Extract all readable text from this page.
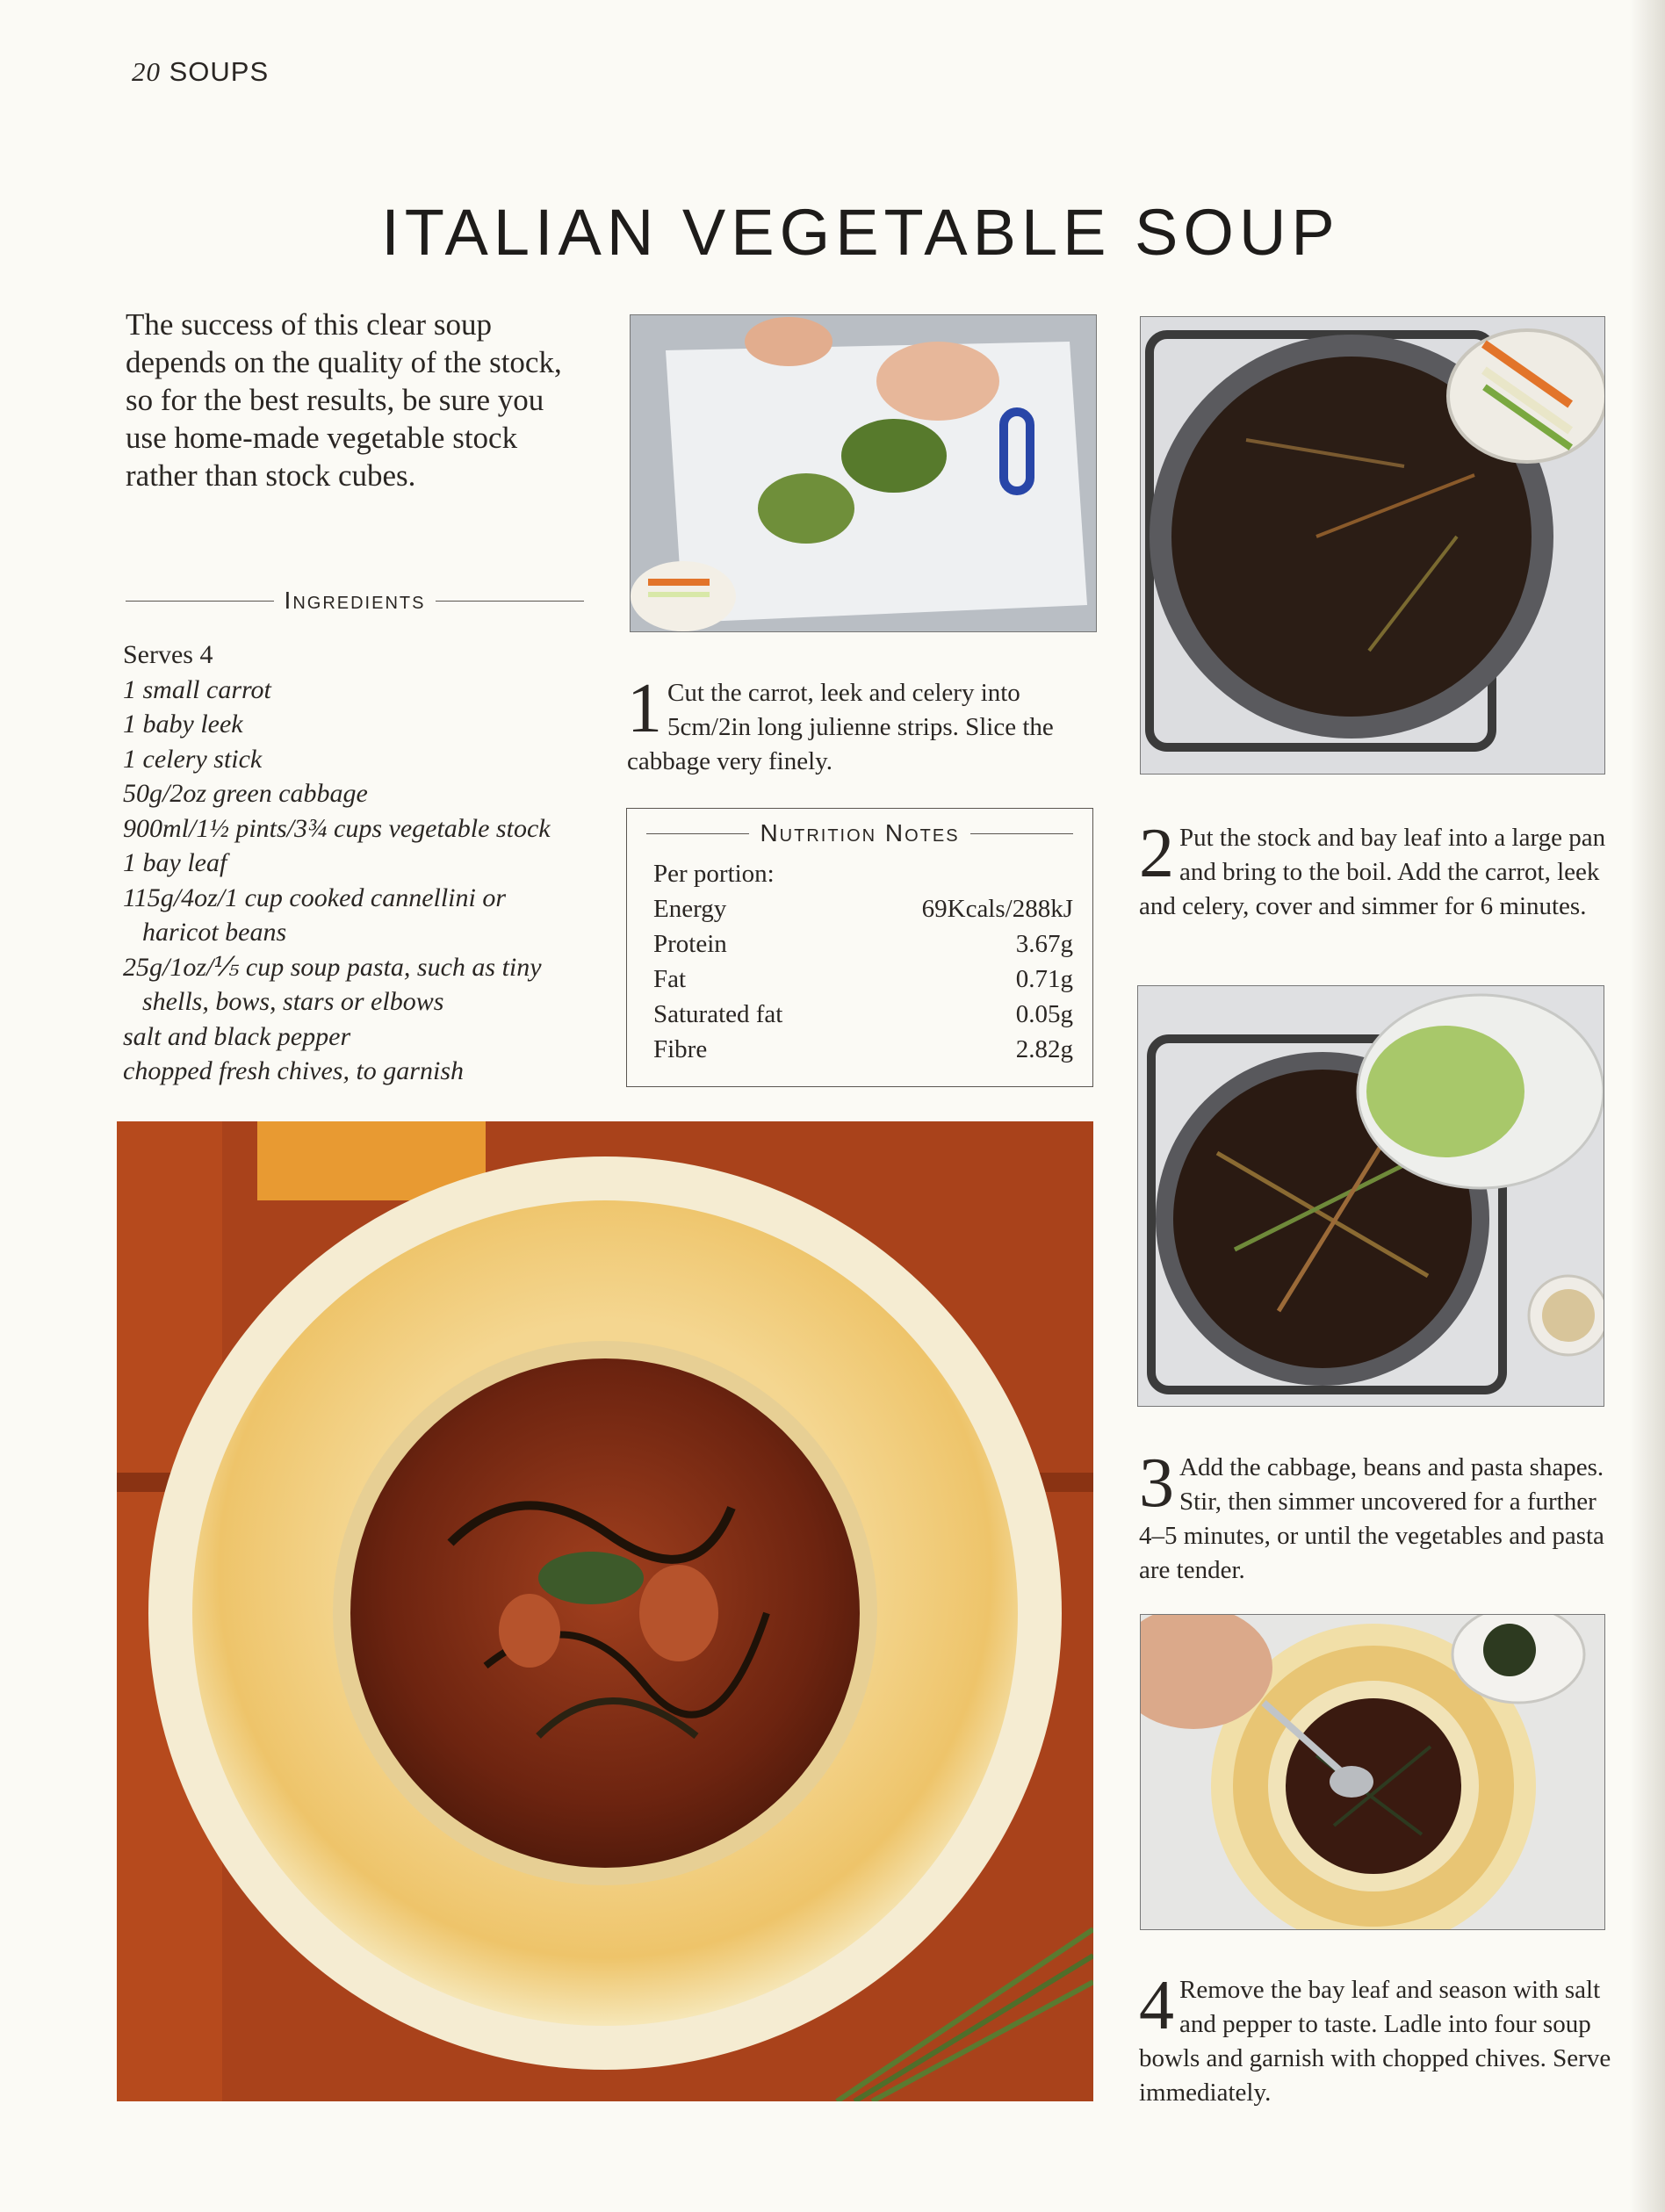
20 SOUPS
ITALIAN VEGETABLE SOUP
The success of this clear soup depends on the quality of the stock, so for the best results, be sure you use home-made vegetable stock rather than stock cubes.
Ingredients
Serves 4
1 small carrot
1 baby leek
1 celery stick
50g/2oz green cabbage
900ml/1½ pints/3¾ cups vegetable stock
1 bay leaf
115g/4oz/1 cup cooked cannellini or
haricot beans
25g/1oz/⅕ cup soup pasta, such as tiny
shells, bows, stars or elbows
salt and black pepper
chopped fresh chives, to garnish
1 Cut the carrot, leek and celery into 5cm/2in long julienne strips. Slice the cabbage very finely.
Nutrition Notes
Per portion:	
Energy	69Kcals/288kJ
Protein	3.67g
Fat	0.71g
Saturated fat	0.05g
Fibre	2.82g
2 Put the stock and bay leaf into a large pan and bring to the boil. Add the carrot, leek and celery, cover and simmer for 6 minutes.
3 Add the cabbage, beans and pasta shapes. Stir, then simmer uncovered for a further 4–5 minutes, or until the vegetables and pasta are tender.
4 Remove the bay leaf and season with salt and pepper to taste. Ladle into four soup bowls and garnish with chopped chives. Serve immediately.
